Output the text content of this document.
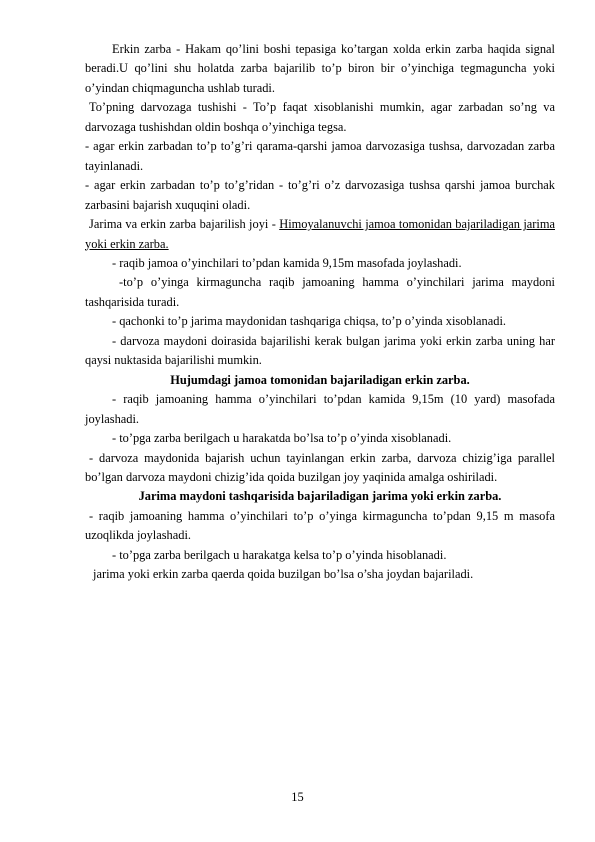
Erkin zarba - Hakam qo’lini boshi tepasiga ko’targan xolda erkin zarba haqida signal beradi.U qo’lini shu holatda zarba bajarilib to’p biron bir o’yinchiga tegmaguncha yoki o’yindan chiqmaguncha ushlab turadi.

To’pning darvozaga tushishi - To’p faqat xisoblanishi mumkin, agar zarbadan so’ng va darvozaga tushishdan oldin boshqa o’yinchiga tegsa.

- agar erkin zarbadan to’p to’g’ri qarama-qarshi jamoa darvozasiga tushsa, darvozadan zarba tayinlanadi.

- agar erkin zarbadan to’p to’g’ridan - to’g’ri o’z darvozasiga tushsa qarshi jamoa burchak zarbasini bajarish xuquqini oladi.

Jarima va erkin zarba bajarilish joyi - Himoyalanuvchi jamoa tomonidan bajariladigan jarima yoki erkin zarba.

- raqib jamoa o’yinchilari to’pdan kamida 9,15m masofada joylashadi.

-to’p o’yinga kirmaguncha raqib jamoaning hamma o’yinchilari jarima maydoni tashqarisida turadi.

- qachonki to’p jarima maydonidan tashqariga chiqsa, to’p o’yinda xisoblanadi.

- darvoza maydoni doirasida bajarilishi kerak bulgan jarima yoki erkin zarba uning har qaysi nuktasida bajarilishi mumkin.

Hujumdagi jamoa tomonidan bajariladigan erkin zarba.

- raqib jamoaning hamma o’yinchilari to’pdan kamida 9,15m (10 yard) masofada joylashadi.

- to’pga zarba berilgach u harakatda bo’lsa to’p o’yinda xisoblanadi.

- darvoza maydonida bajarish uchun tayinlangan erkin zarba, darvoza chizig’iga parallel bo’lgan darvoza maydoni chizig’ida qoida buzilgan joy yaqinida amalga oshiriladi.

Jarima maydoni tashqarisida bajariladigan jarima yoki erkin zarba.

- raqib jamoaning hamma o’yinchilari to’p o’yinga kirmaguncha to’pdan 9,15 m masofa uzoqlikda joylashadi.

- to’pga zarba berilgach u harakatga kelsa to’p o’yinda hisoblanadi.

jarima yoki erkin zarba qaerda qoida buzilgan bo’lsa o’sha joydan bajariladi.

15
